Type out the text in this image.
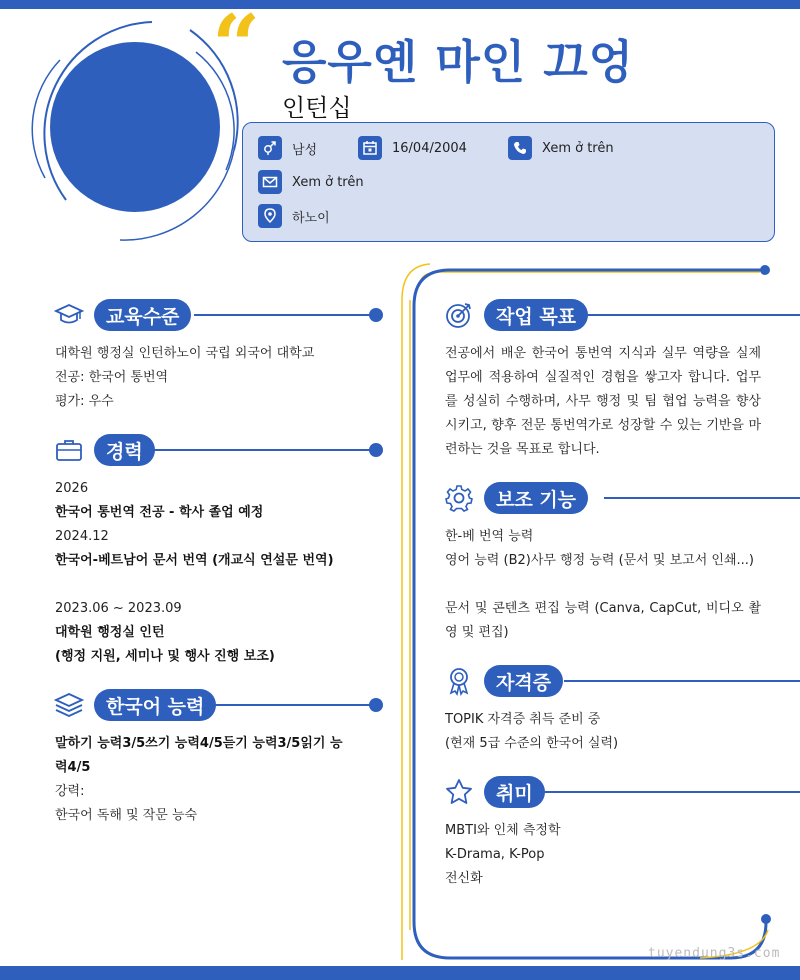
“ 응우옌 마인 끄엉
인턴십
남성	16/04/2004	Xem ở trên
Xem ở trên
하노이
교육수준
대학원 행정실 인턴하노이 국립 외국어 대학교
전공: 한국어 통번역
평가: 우수
경력
2026
한국어 통번역 전공 - 학사 졸업 예정
2024.12
한국어-베트남어 문서 번역 (개교식 연설문 번역)
2023.06 ~ 2023.09
대학원 행정실 인턴
(행정 지원, 세미나 및 행사 진행 보조)
한국어 능력
말하기 능력3/5쓰기 능력4/5듣기 능력3/5읽기 능력4/5
강력:
한국어 독해 및 작문 능숙
작업 목표
전공에서 배운 한국어 통번역 지식과 실무 역량을 실제 업무에 적용하여 실질적인 경험을 쌓고자 합니다. 업무를 성실히 수행하며, 사무 행정 및 팀 협업 능력을 향상시키고, 향후 전문 통번역가로 성장할 수 있는 기반을 마련하는 것을 목표로 합니다.
보조 기능
한-베 번역 능력
영어 능력 (B2)사무 행정 능력 (문서 및 보고서 인쇄...)
문서 및 콘텐츠 편집 능력 (Canva, CapCut, 비디오 촬영 및 편집)
자격증
TOPIK 자격증 취득 준비 중
(현재 5급 수준의 한국어 실력)
취미
MBTI와 인체 측정학
K-Drama, K-Pop
전신화
tuyendung3s.com
